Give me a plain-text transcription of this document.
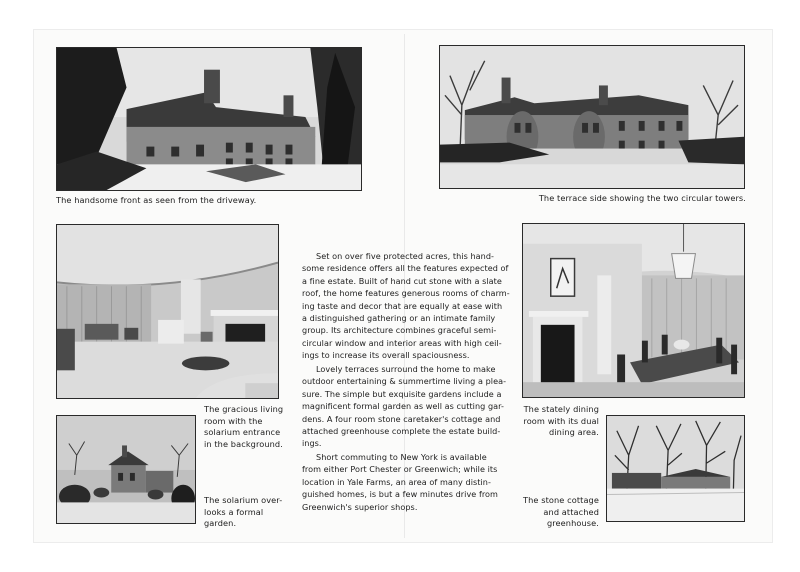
The handsome front as seen from the driveway.	The terrace side showing the two circular towers.
The gracious living
room with the
solarium entrance
in the background.
The solarium over-
looks a formal
garden.
The stately dining
room with its dual
dining area.
The stone cottage
and attached
greenhouse.
Set on over five protected acres, this hand-
some residence offers all the features expected of
a fine estate. Built of hand cut stone with a slate
roof, the home features generous rooms of charm-
ing taste and decor that are equally at ease with
a distinguished gathering or an intimate family
group. Its architecture combines graceful semi-
circular window and interior areas with high ceil-
ings to increase its overall spaciousness.
Lovely terraces surround the home to make
outdoor entertaining & summertime living a plea-
sure. The simple but exquisite gardens include a
magnificent formal garden as well as cutting gar-
dens. A four room stone caretaker's cottage and
attached greenhouse complete the estate build-
ings.
Short commuting to New York is available
from either Port Chester or Greenwich; while its
location in Yale Farms, an area of many distin-
guished homes, is but a few minutes drive from
Greenwich's superior shops.
